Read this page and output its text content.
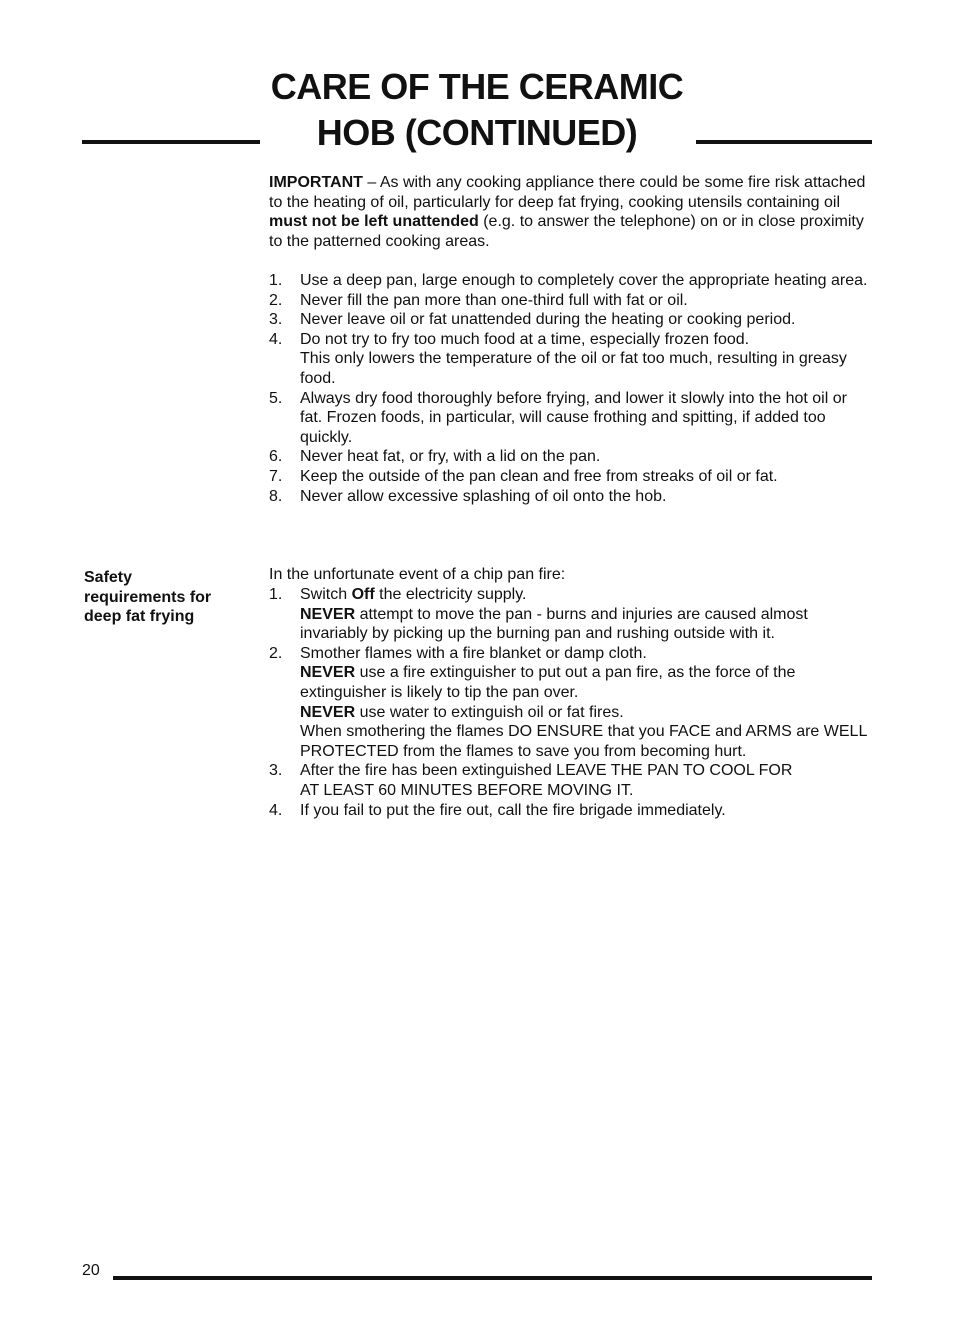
CARE OF THE CERAMIC
HOB (CONTINUED)

IMPORTANT – As with any cooking appliance there could be some fire risk attached to the heating of oil, particularly for deep fat frying, cooking utensils containing oil must not be left unattended (e.g. to answer the telephone) on or in close proximity to the patterned cooking areas.

1. Use a deep pan, large enough to completely cover the appropriate heating area.
2. Never fill the pan more than one-third full with fat or oil.
3. Never leave oil or fat unattended during the heating or cooking period.
4. Do not try to fry too much food at a time, especially frozen food.
This only lowers the temperature of the oil or fat too much, resulting in greasy food.
5. Always dry food thoroughly before frying, and lower it slowly into the hot oil or fat. Frozen foods, in particular, will cause frothing and spitting, if added too quickly.
6. Never heat fat, or fry, with a lid on the pan.
7. Keep the outside of the pan clean and free from streaks of oil or fat.
8. Never allow excessive splashing of oil onto the hob.
Safety
requirements for
deep fat frying

In the unfortunate event of a chip pan fire:

1. Switch Off the electricity supply.
NEVER attempt to move the pan - burns and injuries are caused almost invariably by picking up the burning pan and rushing outside with it.
2. Smother flames with a fire blanket or damp cloth.
NEVER use a fire extinguisher to put out a pan fire, as the force of the extinguisher is likely to tip the pan over.
NEVER use water to extinguish oil or fat fires.
When smothering the flames DO ENSURE that you FACE and ARMS are WELL PROTECTED from the flames to save you from becoming hurt.
3. After the fire has been extinguished LEAVE THE PAN TO COOL FOR
AT LEAST 60 MINUTES BEFORE MOVING IT.
4. If you fail to put the fire out, call the fire brigade immediately.
20
